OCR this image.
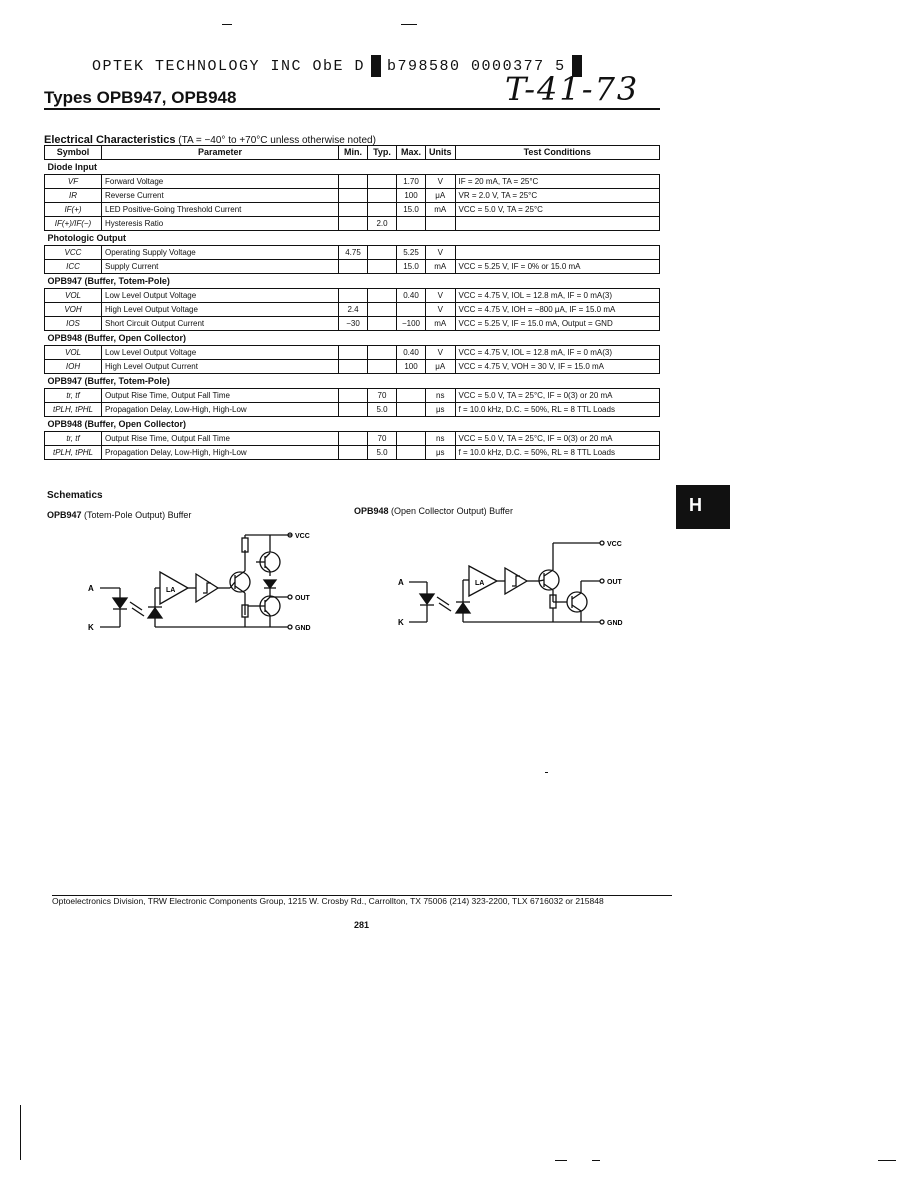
OPTEK TECHNOLOGY INC ObE D b798580 0000377 5
Types OPB947, OPB948	T-41-73
Electrical Characteristics (TA = −40° to +70°C unless otherwise noted)
Symbol	Parameter	Min.	Typ.	Max.	Units	Test Conditions
Diode Input						
VF	Forward Voltage			1.70	V	IF = 20 mA, TA = 25°C
IR	Reverse Current			100	μA	VR = 2.0 V, TA = 25°C
IF(+)	LED Positive-Going Threshold Current			15.0	mA	VCC = 5.0 V, TA = 25°C
IF(+)/IF(−)	Hysteresis Ratio		2.0			
Photologic Output						
VCC	Operating Supply Voltage	4.75		5.25	V	
ICC	Supply Current			15.0	mA	VCC = 5.25 V, IF = 0% or 15.0 mA
OPB947 (Buffer, Totem-Pole)						
VOL	Low Level Output Voltage			0.40	V	VCC = 4.75 V, IOL = 12.8 mA, IF = 0 mA(3)
VOH	High Level Output Voltage	2.4			V	VCC = 4.75 V, IOH = −800 μA, IF = 15.0 mA
IOS	Short Circuit Output Current	−30		−100	mA	VCC = 5.25 V, IF = 15.0 mA, Output = GND
OPB948 (Buffer, Open Collector)						
VOL	Low Level Output Voltage			0.40	V	VCC = 4.75 V, IOL = 12.8 mA, IF = 0 mA(3)
IOH	High Level Output Current			100	μA	VCC = 4.75 V, VOH = 30 V, IF = 15.0 mA
OPB947 (Buffer, Totem-Pole)						
tr, tf	Output Rise Time, Output Fall Time		70		ns	VCC = 5.0 V, TA = 25°C, IF = 0(3) or 20 mA
tPLH, tPHL	Propagation Delay, Low-High, High-Low		5.0		μs	f = 10.0 kHz, D.C. = 50%, RL = 8 TTL Loads
OPB948 (Buffer, Open Collector)						
tr, tf	Output Rise Time, Output Fall Time		70		ns	VCC = 5.0 V, TA = 25°C, IF = 0(3) or 20 mA
tPLH, tPHL	Propagation Delay, Low-High, High-Low		5.0		μs	f = 10.0 kHz, D.C. = 50%, RL = 8 TTL Loads
Schematics
OPB947 (Totem-Pole Output) Buffer	OPB948 (Open Collector Output) Buffer
A
K
LA
VCC
OUT
GND
A
K
LA
VCC
OUT
GND
H
Optoelectronics Division, TRW Electronic Components Group, 1215 W. Crosby Rd., Carrollton, TX 75006 (214) 323-2200, TLX 6716032 or 215848
281
